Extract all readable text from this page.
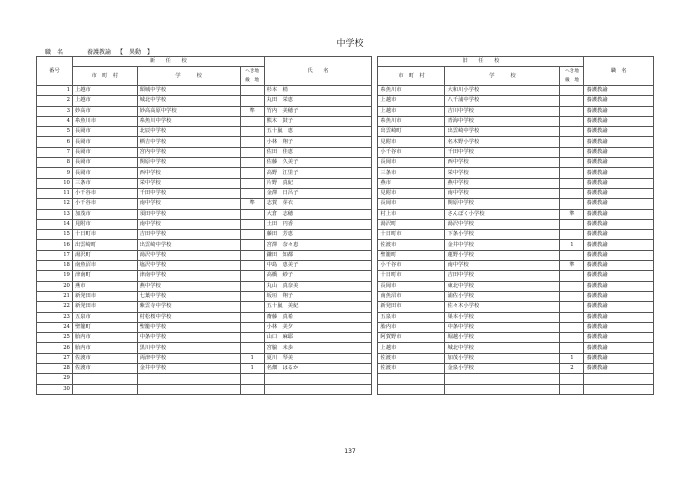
中学校
職　名	養護教諭 【　異動　】
番号	新　　任　　校			氏　　名		旧　　任　　校			職　名
	市　町　村	学　　　校	へき地
級　地			市　町　村	学　　　校	へき地
級　地	
1	上越市	頸城中学校		杉本　梢		糸魚川市	大和川小学校		養護教諭
2	上越市	城北中学校		丸田　栄恵		上越市	八千浦中学校		養護教諭
3	妙高市	妙高高原中学校	準	竹内　美穂子		上越市	吉川中学校		養護教諭
4	糸魚川市	糸魚川中学校		熊木　鼓子		糸魚川市	青海中学校		養護教諭
5	長岡市	北辰中学校		五十嵐　恵		出雲崎町	出雲崎中学校		養護教諭
6	長岡市	栖吉中学校		小林　翔子		見附市	名木野小学校		養護教諭
7	長岡市	宮内中学校		佐田　佳恵		小千谷市	千田中学校		養護教諭
8	長岡市	関原中学校		佐藤　久美子		長岡市	西中学校		養護教諭
9	長岡市	西中学校		高野　江里子		三条市	栄中学校		養護教諭
10	三条市	栄中学校		片野　真紀		燕市	燕中学校		養護教諭
11	小千谷市	千田中学校		金澤　日呂子		見附市	南中学校		養護教諭
12	小千谷市	南中学校	準	志賀　芽衣		長岡市	関原中学校		養護教諭
13	加茂市	須田中学校		大倉　志穂		村上市	さんぽく小学校	準	養護教諭
14	見附市	南中学校		土田　円香		湯沢町	湯沢中学校		養護教諭
15	十日町市	吉田中学校		藤田　芳恵		十日町市	下条小学校		養護教諭
16	出雲崎町	出雲崎中学校		宮澤　奈々恵		佐渡市	金井中学校	1	養護教諭
17	湯沢町	湯沢中学校		鎌田　知都		聖籠町	蓮野小学校		養護教諭
18	南魚沼市	塩沢中学校		中島　恵美子		小千谷市	南中学校	準	養護教諭
19	津南町	津南中学校		高橋　紗子		十日町市	吉田中学校		養護教諭
20	燕市	燕中学校		丸山　真奈美		長岡市	東北中学校		養護教諭
21	新発田市	七葉中学校		坂垣　翔子		南魚沼市	浦佐小学校		養護教諭
22	新発田市	紫雲寺中学校		五十嵐　美紀		新発田市	佐々木小学校		養護教諭
23	五泉市	村松桜中学校		齋藤　真希		五泉市	巣本小学校		養護教諭
24	聖籠町	聖籠中学校		小林　美夕		胎内市	中条中学校		養護教諭
25	胎内市	中条中学校		山口　麻耶		阿賀野市	堀越小学校		養護教諭
26	胎内市	黒川中学校		宮脇　未歩		上越市	城北中学校		養護教諭
27	佐渡市	両津中学校	1	夏川　琴美		佐渡市	加茂小学校	1	養護教諭
28	佐渡市	金井中学校	1	名畑　はるか		佐渡市	金泉小学校	2	養護教諭
29									
30									
137
